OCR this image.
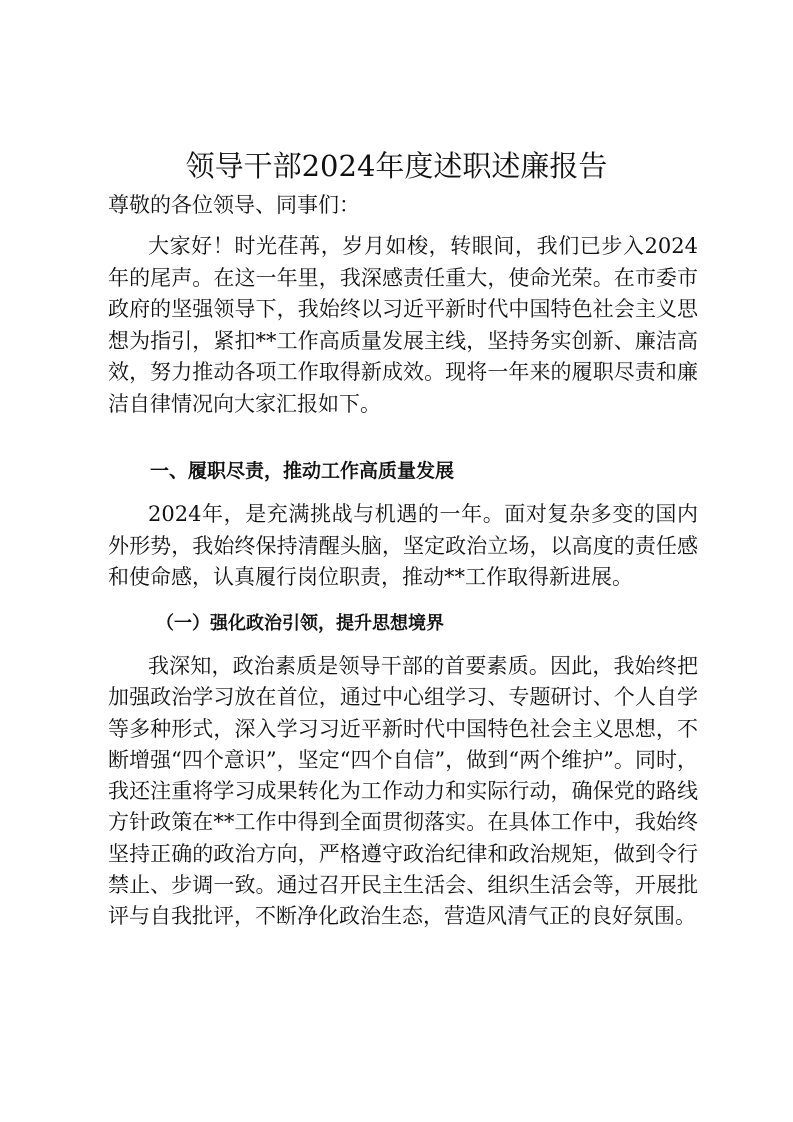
领导干部2024年度述职述廉报告

尊敬的各位领导、同事们：

大家好！时光荏苒，岁月如梭，转眼间，我们已步入2024年的尾声。在这一年里，我深感责任重大，使命光荣。在市委市政府的坚强领导下，我始终以习近平新时代中国特色社会主义思想为指引，紧扣**工作高质量发展主线，坚持务实创新、廉洁高效，努力推动各项工作取得新成效。现将一年来的履职尽责和廉洁自律情况向大家汇报如下。

一、履职尽责，推动工作高质量发展

2024年，是充满挑战与机遇的一年。面对复杂多变的国内外形势，我始终保持清醒头脑，坚定政治立场，以高度的责任感和使命感，认真履行岗位职责，推动**工作取得新进展。

（一）强化政治引领，提升思想境界

我深知，政治素质是领导干部的首要素质。因此，我始终把加强政治学习放在首位，通过中心组学习、专题研讨、个人自学等多种形式，深入学习习近平新时代中国特色社会主义思想，不断增强“四个意识”，坚定“四个自信”，做到“两个维护”。同时，我还注重将学习成果转化为工作动力和实际行动，确保党的路线方针政策在**工作中得到全面贯彻落实。在具体工作中，我始终坚持正确的政治方向，严格遵守政治纪律和政治规矩，做到令行禁止、步调一致。通过召开民主生活会、组织生活会等，开展批评与自我批评，不断净化政治生态，营造风清气正的良好氛围。
